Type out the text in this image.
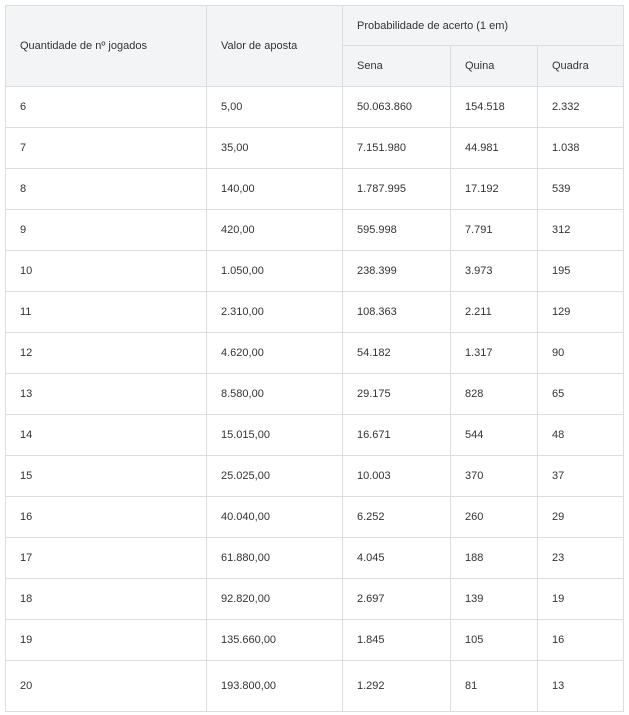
Quantidade de nº jogados	Valor de aposta	Probabilidade de acerto (1 em)		
		Sena	Quina	Quadra
6	5,00	50.063.860	154.518	2.332
7	35,00	7.151.980	44.981	1.038
8	140,00	1.787.995	17.192	539
9	420,00	595.998	7.791	312
10	1.050,00	238.399	3.973	195
11	2.310,00	108.363	2.211	129
12	4.620,00	54.182	1.317	90
13	8.580,00	29.175	828	65
14	15.015,00	16.671	544	48
15	25.025,00	10.003	370	37
16	40.040,00	6.252	260	29
17	61.880,00	4.045	188	23
18	92.820,00	2.697	139	19
19	135.660,00	1.845	105	16
20	193.800,00	1.292	81	13
